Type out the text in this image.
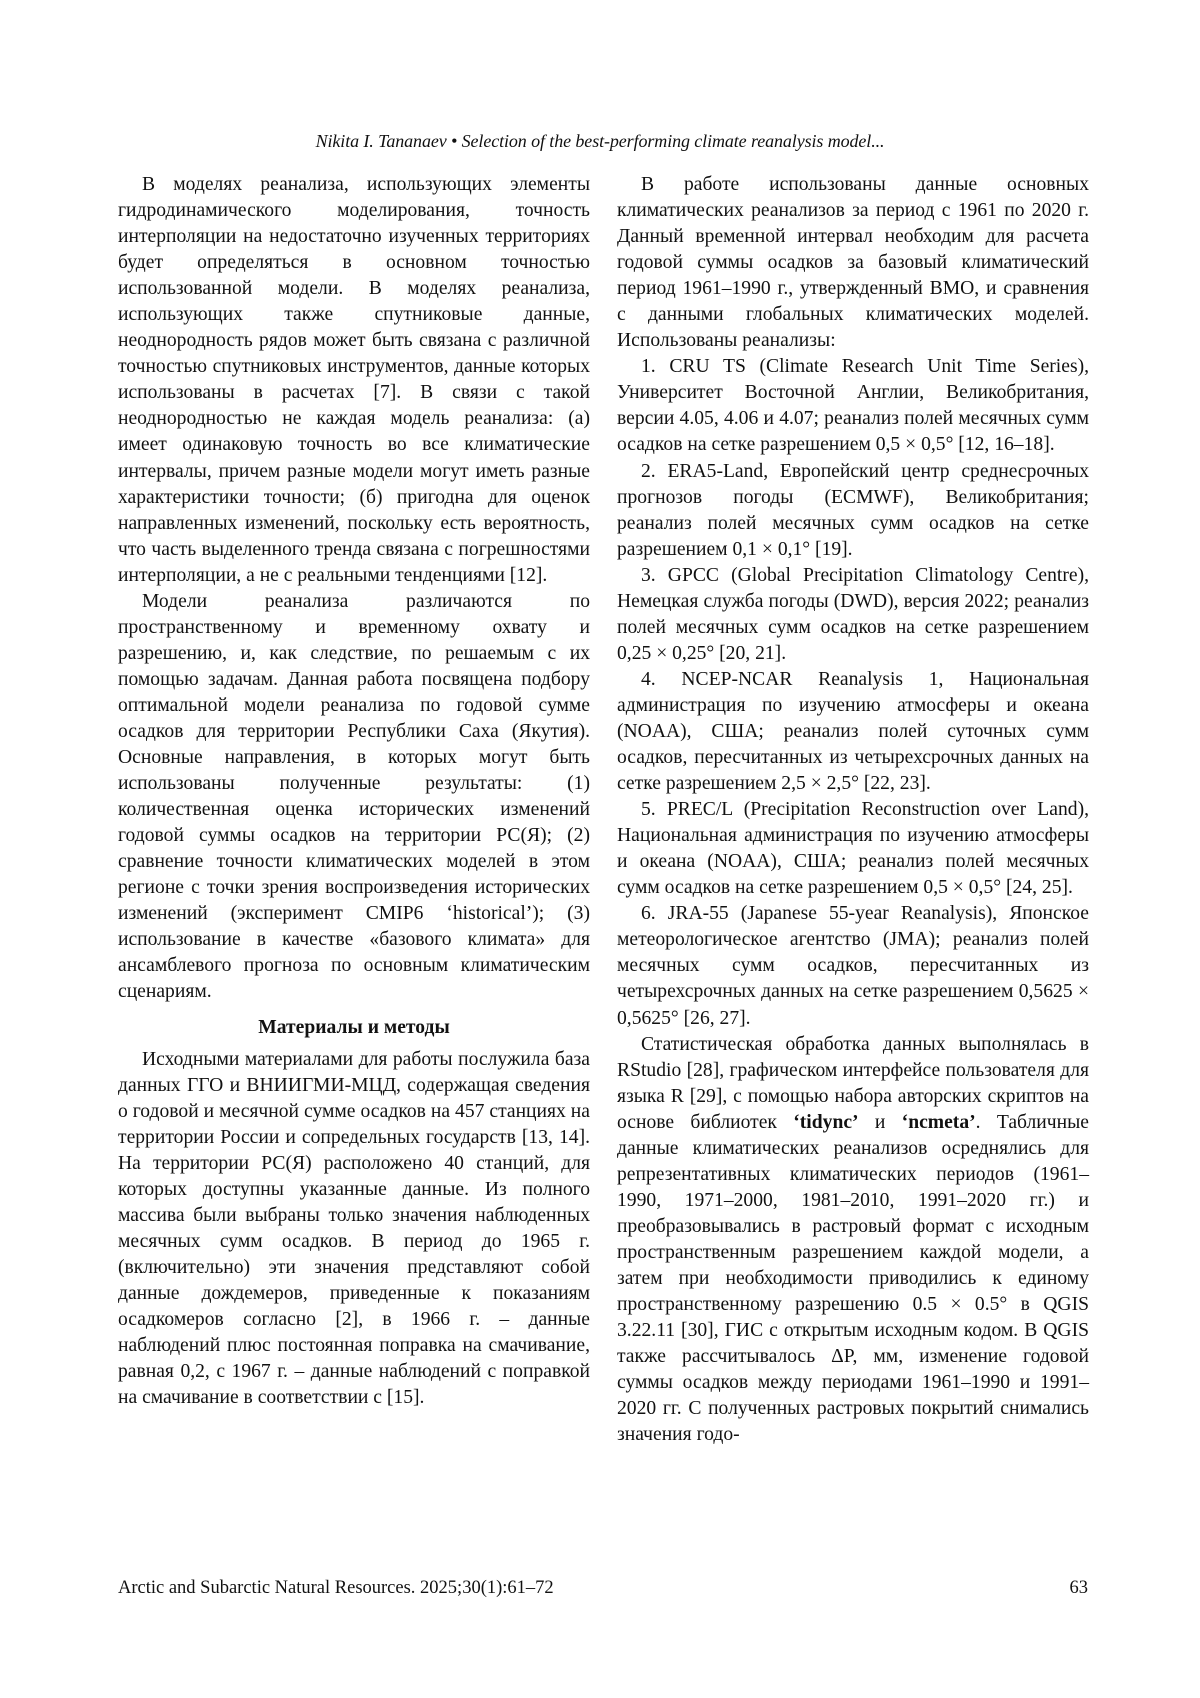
Nikita I. Tananaev • Selection of the best-performing climate reanalysis model...

В моделях реанализа, использующих элементы гидродинамического моделирования, точность интерполяции на недостаточно изученных территориях будет определяться в основном точностью использованной модели. В моделях реанализа, использующих также спутниковые данные, неоднородность рядов может быть связана с различной точностью спутниковых инструментов, данные которых использованы в расчетах [7]. В связи с такой неоднородностью не каждая модель реанализа: (а) имеет одинаковую точность во все климатические интервалы, причем разные модели могут иметь разные характеристики точности; (б) пригодна для оценок направленных изменений, поскольку есть вероятность, что часть выделенного тренда связана с погрешностями интерполяции, а не с реальными тенденциями [12].

Модели реанализа различаются по пространственному и временному охвату и разрешению, и, как следствие, по решаемым с их помощью задачам. Данная работа посвящена подбору оптимальной модели реанализа по годовой сумме осадков для территории Республики Саха (Якутия). Основные направления, в которых могут быть использованы полученные результаты: (1) количественная оценка исторических изменений годовой суммы осадков на территории РС(Я); (2) сравнение точности климатических моделей в этом регионе с точки зрения воспроизведения исторических изменений (эксперимент CMIP6 ‘historical’); (3) использование в качестве «базового климата» для ансамблевого прогноза по основным климатическим сценариям.

Материалы и методы

Исходными материалами для работы послужила база данных ГГО и ВНИИГМИ-МЦД, содержащая сведения о годовой и месячной сумме осадков на 457 станциях на территории России и сопредельных государств [13, 14]. На территории РС(Я) расположено 40 станций, для которых доступны указанные данные. Из полного массива были выбраны только значения наблюденных месячных сумм осадков. В период до 1965 г. (включительно) эти значения представляют собой данные дождемеров, приведенные к показаниям осадкомеров согласно [2], в 1966 г. – данные наблюдений плюс постоянная поправка на смачивание, равная 0,2, с 1967 г. – данные наблюдений с поправкой на смачивание в соответствии с [15].

В работе использованы данные основных климатических реанализов за период с 1961 по 2020 г. Данный временной интервал необходим для расчета годовой суммы осадков за базовый климатический период 1961–1990 г., утвержденный ВМО, и сравнения с данными глобальных климатических моделей. Использованы реанализы:

1. CRU TS (Climate Research Unit Time Series), Университет Восточной Англии, Великобритания, версии 4.05, 4.06 и 4.07; реанализ полей месячных сумм осадков на сетке разрешением 0,5 × 0,5° [12, 16–18].

2. ERA5-Land, Европейский центр среднесрочных прогнозов погоды (ECMWF), Великобритания; реанализ полей месячных сумм осадков на сетке разрешением 0,1 × 0,1° [19].

3. GPCC (Global Precipitation Climatology Centre), Немецкая служба погоды (DWD), версия 2022; реанализ полей месячных сумм осадков на сетке разрешением 0,25 × 0,25° [20, 21].

4. NCEP-NCAR Reanalysis 1, Национальная администрация по изучению атмосферы и океана (NOAA), США; реанализ полей суточных сумм осадков, пересчитанных из четырехсрочных данных на сетке разрешением 2,5 × 2,5° [22, 23].

5. PREC/L (Precipitation Reconstruction over Land), Национальная администрация по изучению атмосферы и океана (NOAA), США; реанализ полей месячных сумм осадков на сетке разрешением 0,5 × 0,5° [24, 25].

6. JRA-55 (Japanese 55-year Reanalysis), Японское метеорологическое агентство (JMA); реанализ полей месячных сумм осадков, пересчитанных из четырехсрочных данных на сетке разрешением 0,5625 × 0,5625° [26, 27].

Статистическая обработка данных выполнялась в RStudio [28], графическом интерфейсе пользователя для языка R [29], с помощью набора авторских скриптов на основе библиотек ‘tidync’ и ‘ncmeta’. Табличные данные климатических реанализов осреднялись для репрезентативных климатических периодов (1961–1990, 1971–2000, 1981–2010, 1991–2020 гг.) и преобразовывались в растровый формат с исходным пространственным разрешением каждой модели, а затем при необходимости приводились к единому пространственному разрешению 0.5 × 0.5° в QGIS 3.22.11 [30], ГИС с открытым исходным кодом. В QGIS также рассчитывалось ΔP, мм, изменение годовой суммы осадков между периодами 1961–1990 и 1991–2020 гг. С полученных растровых покрытий снимались значения годо-

Arctic and Subarctic Natural Resources. 2025;30(1):61–72	63
